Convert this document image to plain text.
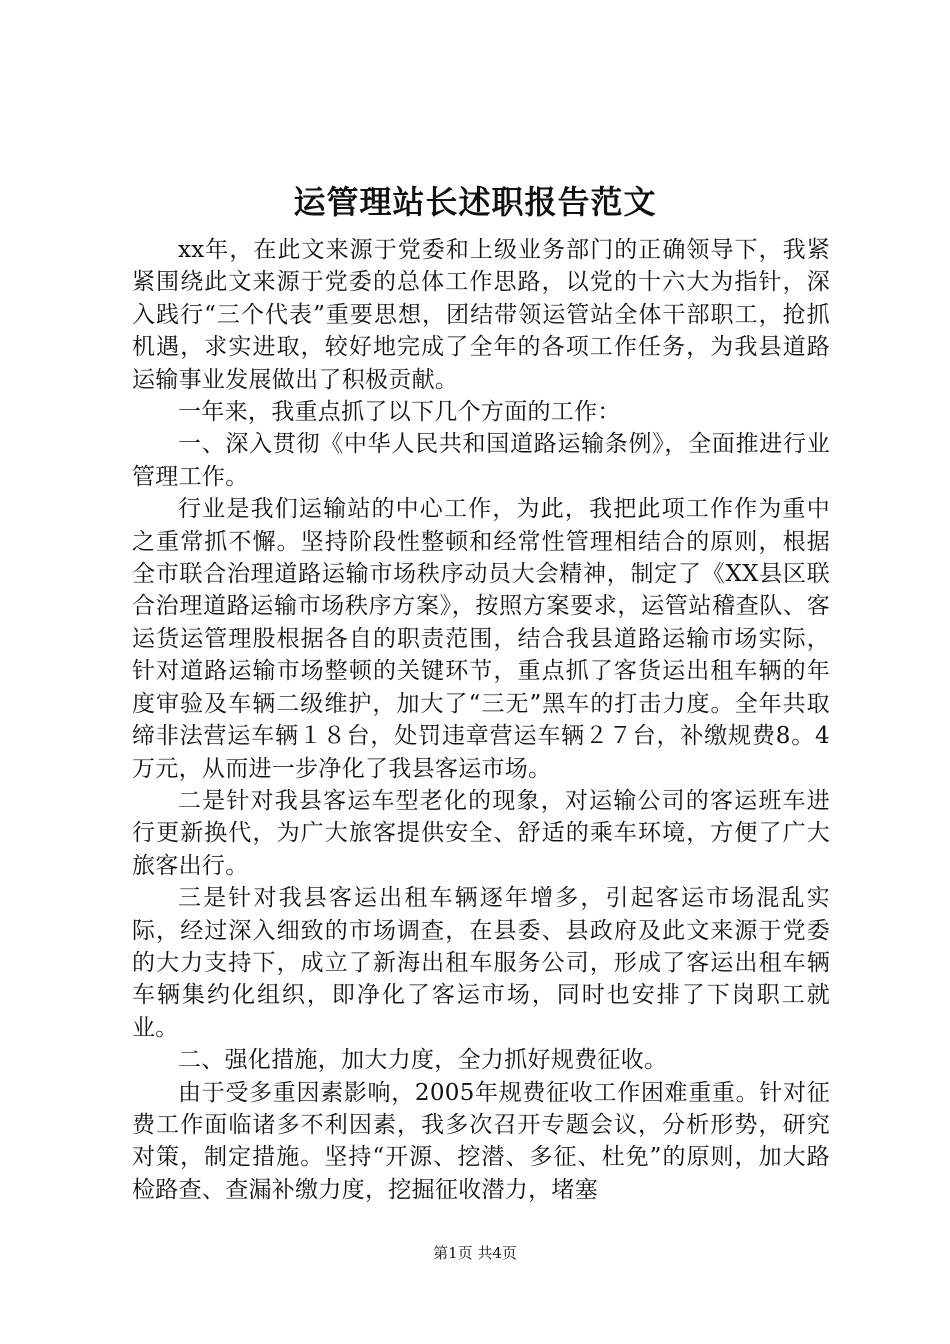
运管理站长述职报告范文

xx年，在此文来源于党委和上级业务部门的正确领导下，我紧紧围绕此文来源于党委的总体工作思路，以党的十六大为指针，深入践行“三个代表”重要思想，团结带领运管站全体干部职工，抢抓机遇，求实进取，较好地完成了全年的各项工作任务，为我县道路运输事业发展做出了积极贡献。

一年来，我重点抓了以下几个方面的工作：

一、深入贯彻《中华人民共和国道路运输条例》，全面推进行业管理工作。

行业是我们运输站的中心工作，为此，我把此项工作作为重中之重常抓不懈。坚持阶段性整顿和经常性管理相结合的原则，根据全市联合治理道路运输市场秩序动员大会精神，制定了《XX县区联合治理道路运输市场秩序方案》，按照方案要求，运管站稽查队、客运货运管理股根据各自的职责范围，结合我县道路运输市场实际，针对道路运输市场整顿的关键环节，重点抓了客货运出租车辆的年度审验及车辆二级维护，加大了“三无”黑车的打击力度。全年共取缔非法营运车辆１８台，处罚违章营运车辆２７台，补缴规费8。4万元，从而进一步净化了我县客运市场。

二是针对我县客运车型老化的现象，对运输公司的客运班车进行更新换代，为广大旅客提供安全、舒适的乘车环境，方便了广大旅客出行。

三是针对我县客运出租车辆逐年增多，引起客运市场混乱实际，经过深入细致的市场调查，在县委、县政府及此文来源于党委的大力支持下，成立了新海出租车服务公司，形成了客运出租车辆车辆集约化组织，即净化了客运市场，同时也安排了下岗职工就业。

二、强化措施，加大力度，全力抓好规费征收。

由于受多重因素影响，2005年规费征收工作困难重重。针对征费工作面临诸多不利因素，我多次召开专题会议，分析形势，研究对策，制定措施。坚持“开源、挖潜、多征、杜免”的原则，加大路检路查、查漏补缴力度，挖掘征收潜力，堵塞

第1页 共4页
